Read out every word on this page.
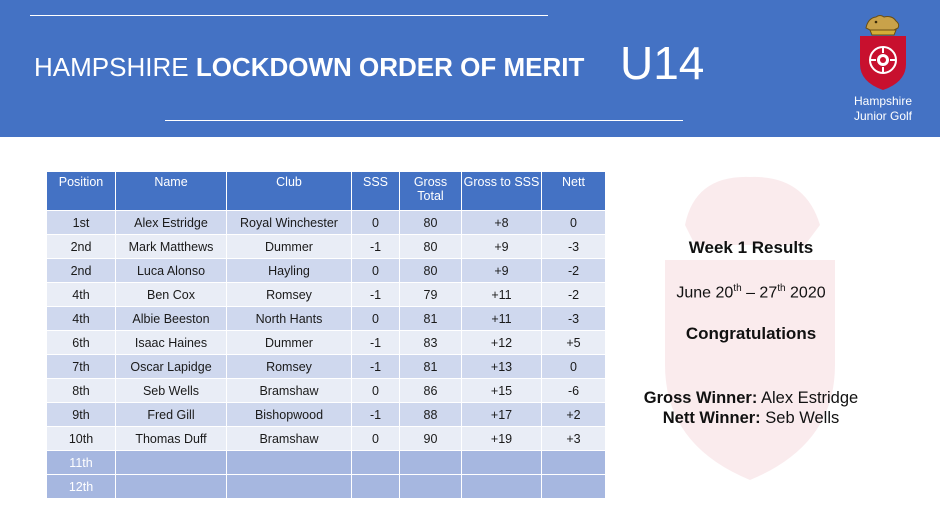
HAMPSHIRE LOCKDOWN ORDER OF MERIT U14
Hampshire
Junior Golf
Position	Name	Club	SSS	Gross Total	Gross to SSS	Nett
1st	Alex Estridge	Royal Winchester	0	80	+8	0
2nd	Mark Matthews	Dummer	-1	80	+9	-3
2nd	Luca Alonso	Hayling	0	80	+9	-2
4th	Ben Cox	Romsey	-1	79	+11	-2
4th	Albie Beeston	North Hants	0	81	+11	-3
6th	Isaac Haines	Dummer	-1	83	+12	+5
7th	Oscar Lapidge	Romsey	-1	81	+13	0
8th	Seb Wells	Bramshaw	0	86	+15	-6
9th	Fred Gill	Bishopwood	-1	88	+17	+2
10th	Thomas Duff	Bramshaw	0	90	+19	+3
11th						
12th						
Week 1 Results
June 20th – 27th 2020
Congratulations
Gross Winner: Alex Estridge
Nett Winner: Seb Wells
